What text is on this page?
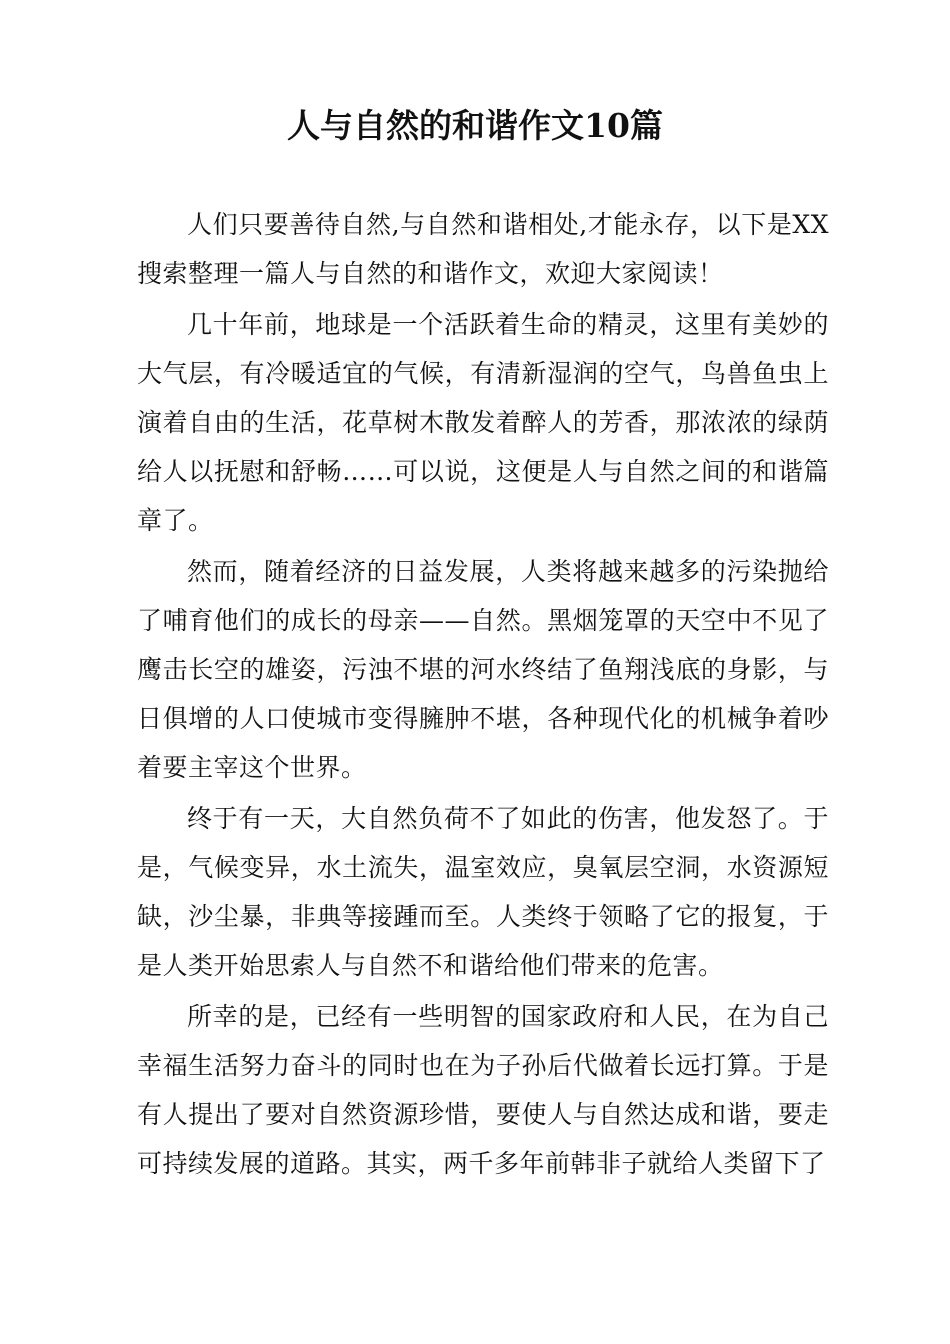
人与自然的和谐作文10篇

人们只要善待自然,与自然和谐相处,才能永存，以下是XX搜索整理一篇人与自然的和谐作文，欢迎大家阅读！

几十年前，地球是一个活跃着生命的精灵，这里有美妙的大气层，有冷暖适宜的气候，有清新湿润的空气，鸟兽鱼虫上演着自由的生活，花草树木散发着醉人的芳香，那浓浓的绿荫给人以抚慰和舒畅……可以说，这便是人与自然之间的和谐篇章了。

然而，随着经济的日益发展，人类将越来越多的污染抛给了哺育他们的成长的母亲——自然。黑烟笼罩的天空中不见了鹰击长空的雄姿，污浊不堪的河水终结了鱼翔浅底的身影，与日俱增的人口使城市变得臃肿不堪，各种现代化的机械争着吵着要主宰这个世界。

终于有一天，大自然负荷不了如此的伤害，他发怒了。于是，气候变异，水土流失，温室效应，臭氧层空洞，水资源短缺，沙尘暴，非典等接踵而至。人类终于领略了它的报复，于是人类开始思索人与自然不和谐给他们带来的危害。

所幸的是，已经有一些明智的国家政府和人民，在为自己幸福生活努力奋斗的同时也在为子孙后代做着长远打算。于是有人提出了要对自然资源珍惜，要使人与自然达成和谐，要走可持续发展的道路。其实，两千多年前韩非子就给人类留下了
